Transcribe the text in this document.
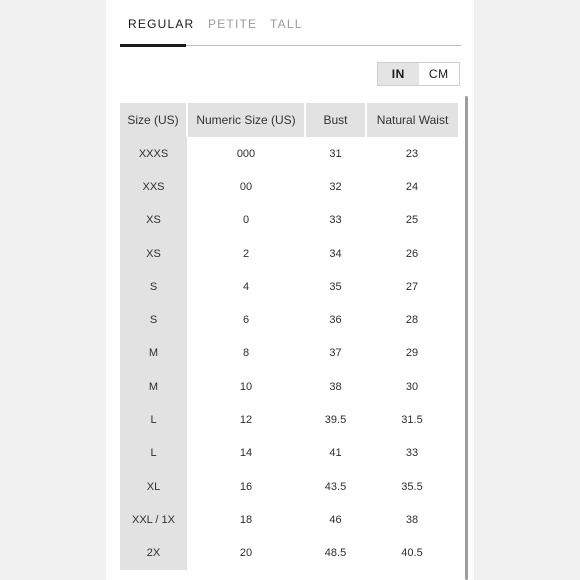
REGULAR PETITE TALL
IN	CM
Size (US)	Numeric Size (US)	Bust	Natural Waist
XXXS	000	31	23
XXS	00	32	24
XS	0	33	25
XS	2	34	26
S	4	35	27
S	6	36	28
M	8	37	29
M	10	38	30
L	12	39.5	31.5
L	14	41	33
XL	16	43.5	35.5
XXL / 1X	18	46	38
2X	20	48.5	40.5
